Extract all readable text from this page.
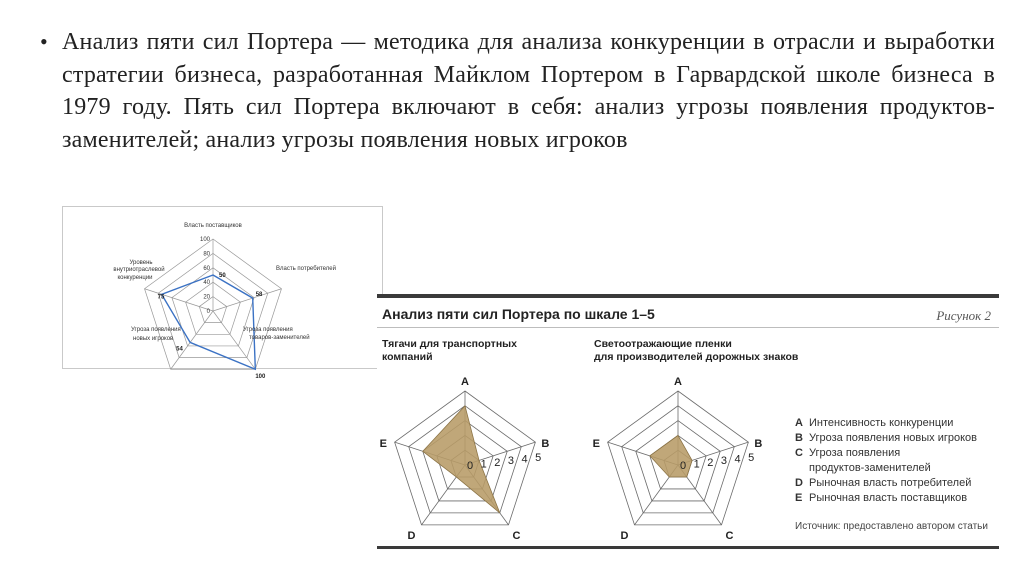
• Анализ пяти сил Портера — методика для анализа конкуренции в отрасли и выработки стратегии бизнеса, разработанная Майклом Портером в Гарвардской школе бизнеса в 1979 году. Пять сил Портера включают в себя: анализ угрозы появления продуктов-заменителей; анализ угрозы появления новых игроков

100
80
60
40
20
0
50
58
100
54
75
Власть поставщиков
Власть потребителей
Угроза появления
товаров-заменителей
Угроза появления
новых игроков
Уровень
внутриотраслевой
конкуренции

Анализ пяти сил Портера по шкале 1–5	Рисунок 2
Тягачи для транспортных
компаний
Светоотражающие пленки
для производителей дорожных знаков
0 1 2 3 4 5
A
B
C
D
E
0 1 2 3 4 5
A
B
C
D
E
A Интенсивность конкуренции
B Угроза появления новых игроков
C Угроза появления
продуктов-заменителей
D Рыночная власть потребителей
E Рыночная власть поставщиков
Источник: предоставлено автором статьи
